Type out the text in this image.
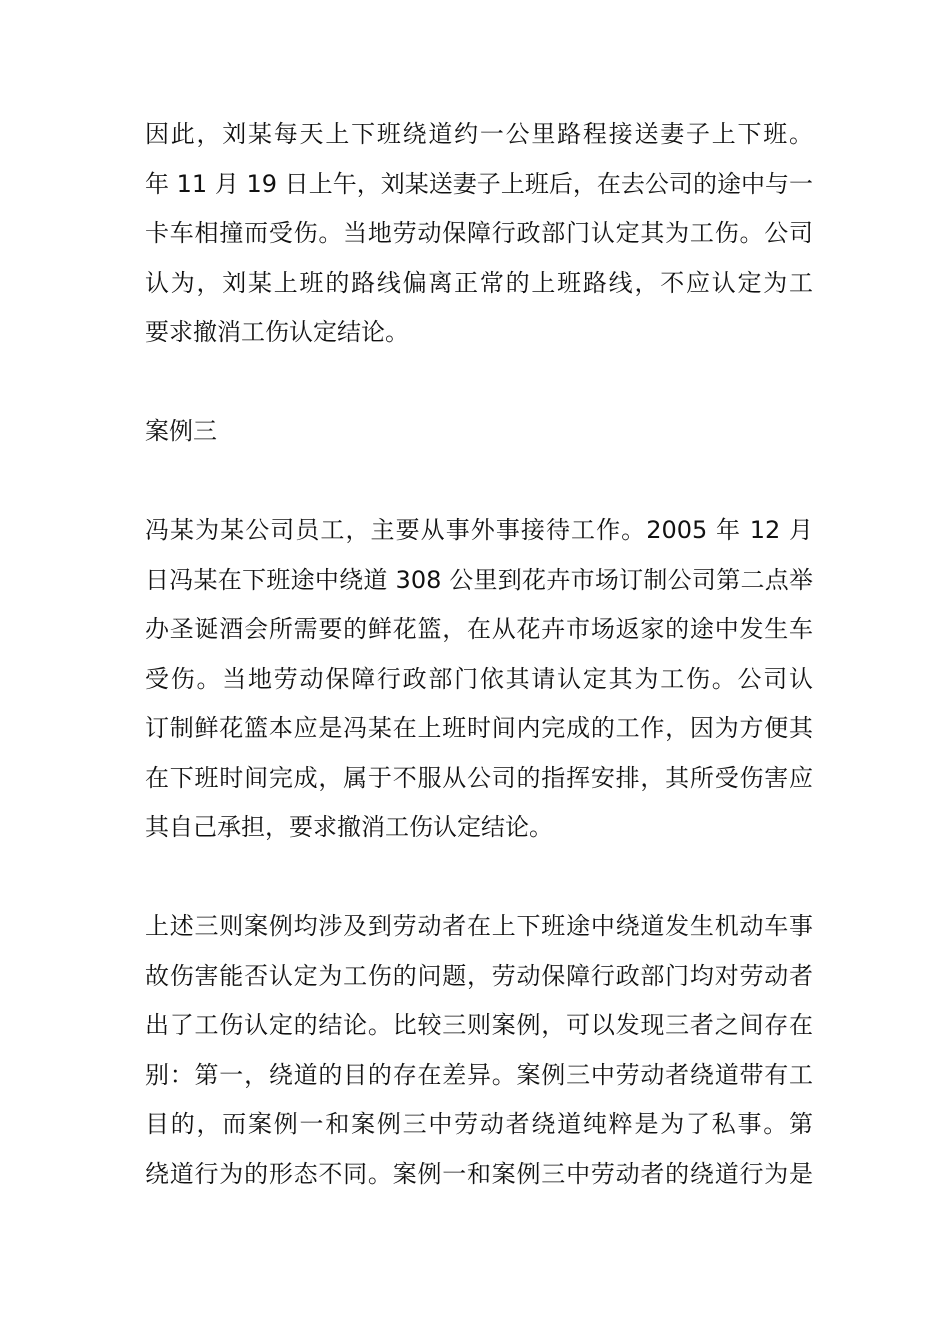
因此，刘某每天上下班绕道约一公里路程接送妻子上下班。
年 11 月 19 日上午，刘某送妻子上班后，在去公司的途中与一
卡车相撞而受伤。当地劳动保障行政部门认定其为工伤。公司
认为，刘某上班的路线偏离正常的上班路线，不应认定为工
要求撤消工伤认定结论。
案例三
冯某为某公司员工，主要从事外事接待工作。2005 年 12 月
日冯某在下班途中绕道 308 公里到花卉市场订制公司第二点举
办圣诞酒会所需要的鲜花篮，在从花卉市场返家的途中发生车
受伤。当地劳动保障行政部门依其请认定其为工伤。公司认
订制鲜花篮本应是冯某在上班时间内完成的工作，因为方便其
在下班时间完成，属于不服从公司的指挥安排，其所受伤害应
其自己承担，要求撤消工伤认定结论。
上述三则案例均涉及到劳动者在上下班途中绕道发生机动车事
故伤害能否认定为工伤的问题，劳动保障行政部门均对劳动者
出了工伤认定的结论。比较三则案例，可以发现三者之间存在
别：第一，绕道的目的存在差异。案例三中劳动者绕道带有工
目的，而案例一和案例三中劳动者绕道纯粹是为了私事。第
绕道行为的形态不同。案例一和案例三中劳动者的绕道行为是
